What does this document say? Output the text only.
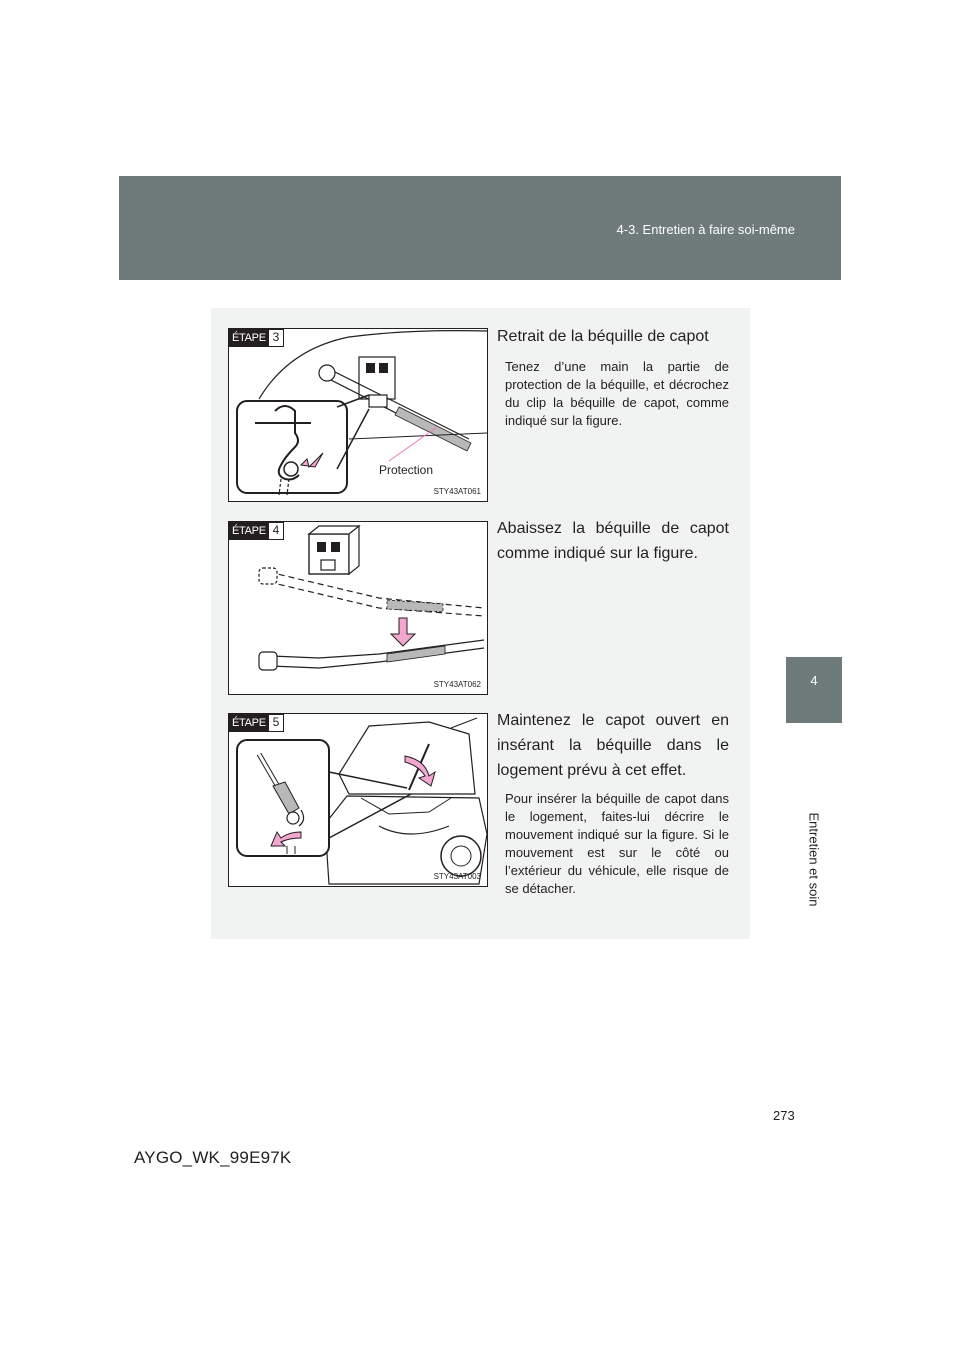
4-3. Entretien à faire soi-même
4
Entretien et soin
ÉTAPE 3
Protection
STY43AT061

Retrait de la béquille de capot

Tenez d’une main la partie de protection de la béquille, et décrochez du clip la béquille de capot, comme indiqué sur la figure.

ÉTAPE 4
STY43AT062

Abaissez la béquille de capot comme indiqué sur la figure.

ÉTAPE 5
STY43AT003

Maintenez le capot ouvert en insérant la béquille dans le logement prévu à cet effet.

Pour insérer la béquille de capot dans le logement, faites-lui décrire le mouvement indiqué sur la figure. Si le mouvement est sur le côté ou l’extérieur du véhicule, elle risque de se détacher.

273
AYGO_WK_99E97K
